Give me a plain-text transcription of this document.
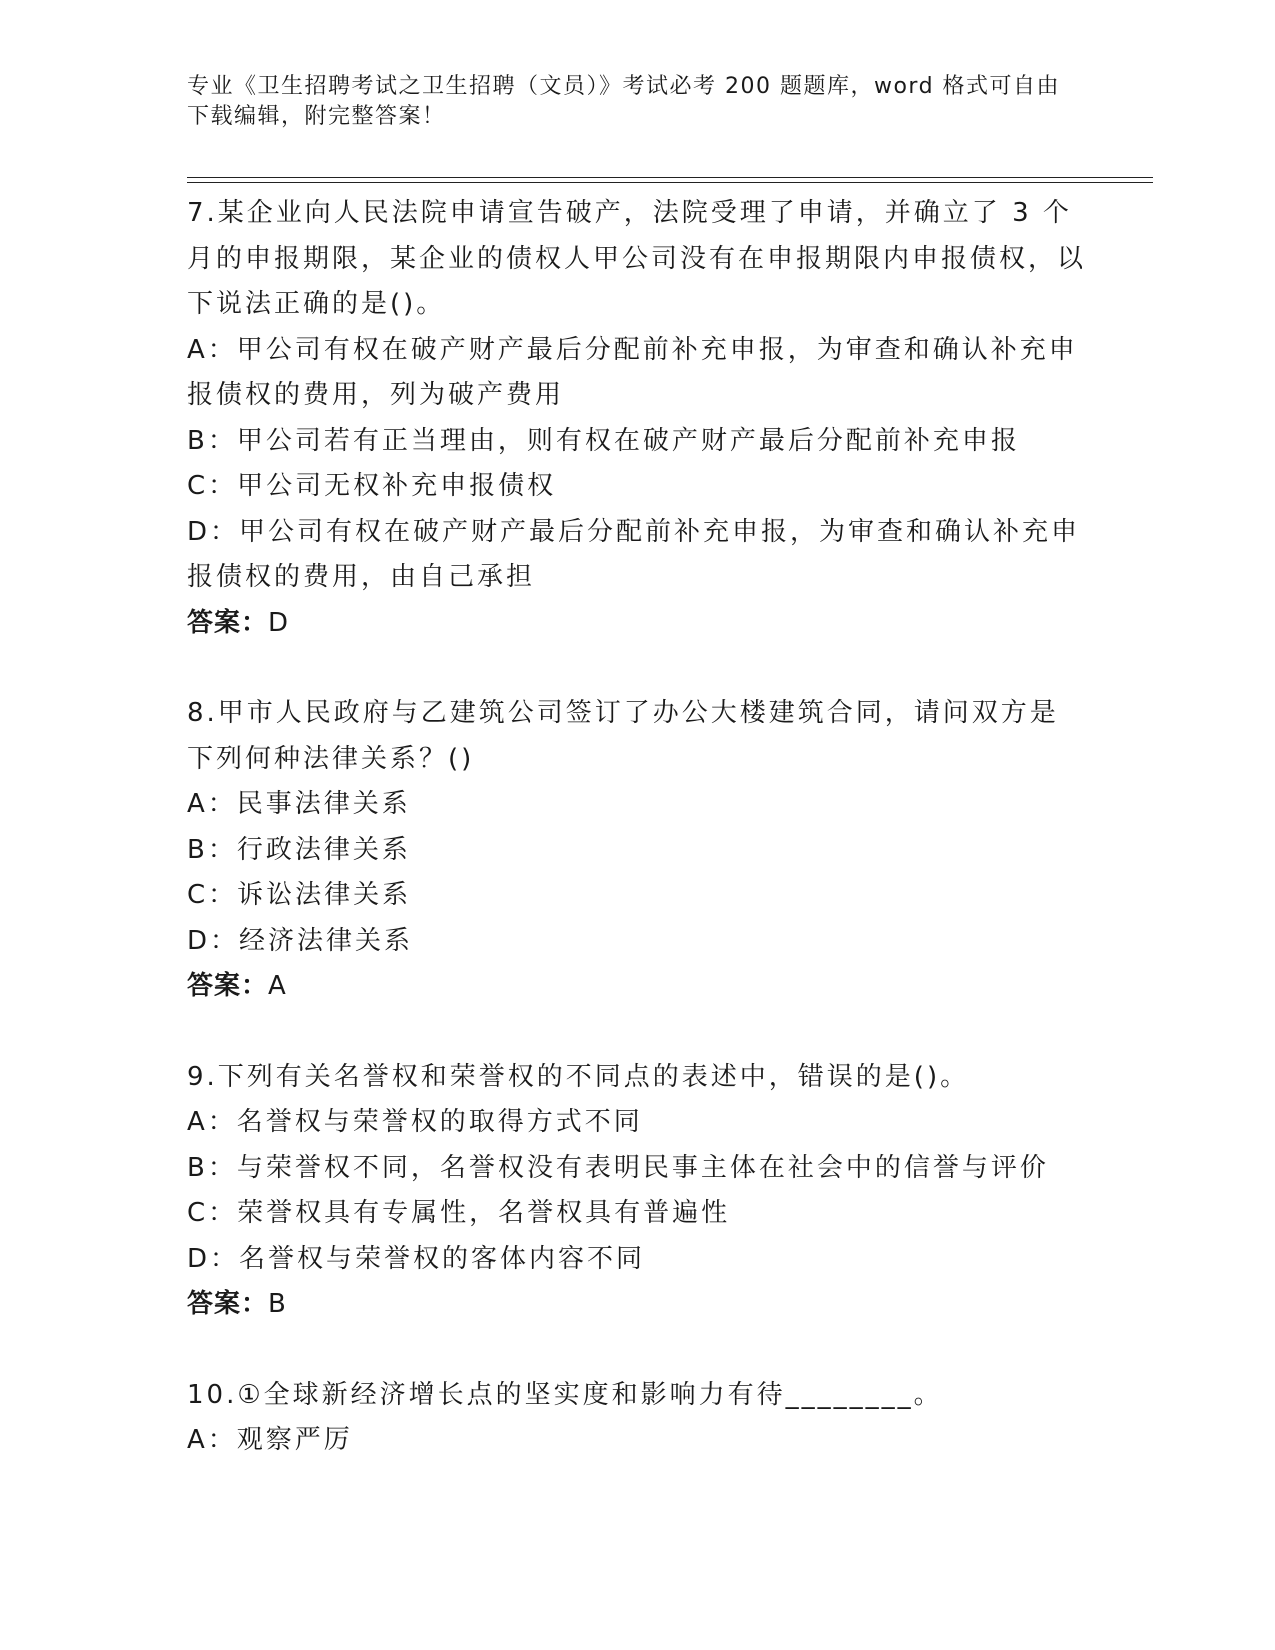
专业《卫生招聘考试之卫生招聘（文员）》考试必考 200 题题库，word 格式可自由下载编辑，附完整答案！

7.某企业向人民法院申请宣告破产，法院受理了申请，并确立了 3 个月的申报期限，某企业的债权人甲公司没有在申报期限内申报债权，以下说法正确的是()。

A：甲公司有权在破产财产最后分配前补充申报，为审查和确认补充申报债权的费用，列为破产费用

B：甲公司若有正当理由，则有权在破产财产最后分配前补充申报

C：甲公司无权补充申报债权

D：甲公司有权在破产财产最后分配前补充申报，为审查和确认补充申报债权的费用，由自己承担

答案：D

8.甲市人民政府与乙建筑公司签订了办公大楼建筑合同，请问双方是下列何种法律关系？()

A：民事法律关系

B：行政法律关系

C：诉讼法律关系

D：经济法律关系

答案：A

9.下列有关名誉权和荣誉权的不同点的表述中，错误的是()。

A：名誉权与荣誉权的取得方式不同

B：与荣誉权不同，名誉权没有表明民事主体在社会中的信誉与评价

C：荣誉权具有专属性，名誉权具有普遍性

D：名誉权与荣誉权的客体内容不同

答案：B

10.①全球新经济增长点的坚实度和影响力有待________。

A：观察严厉
